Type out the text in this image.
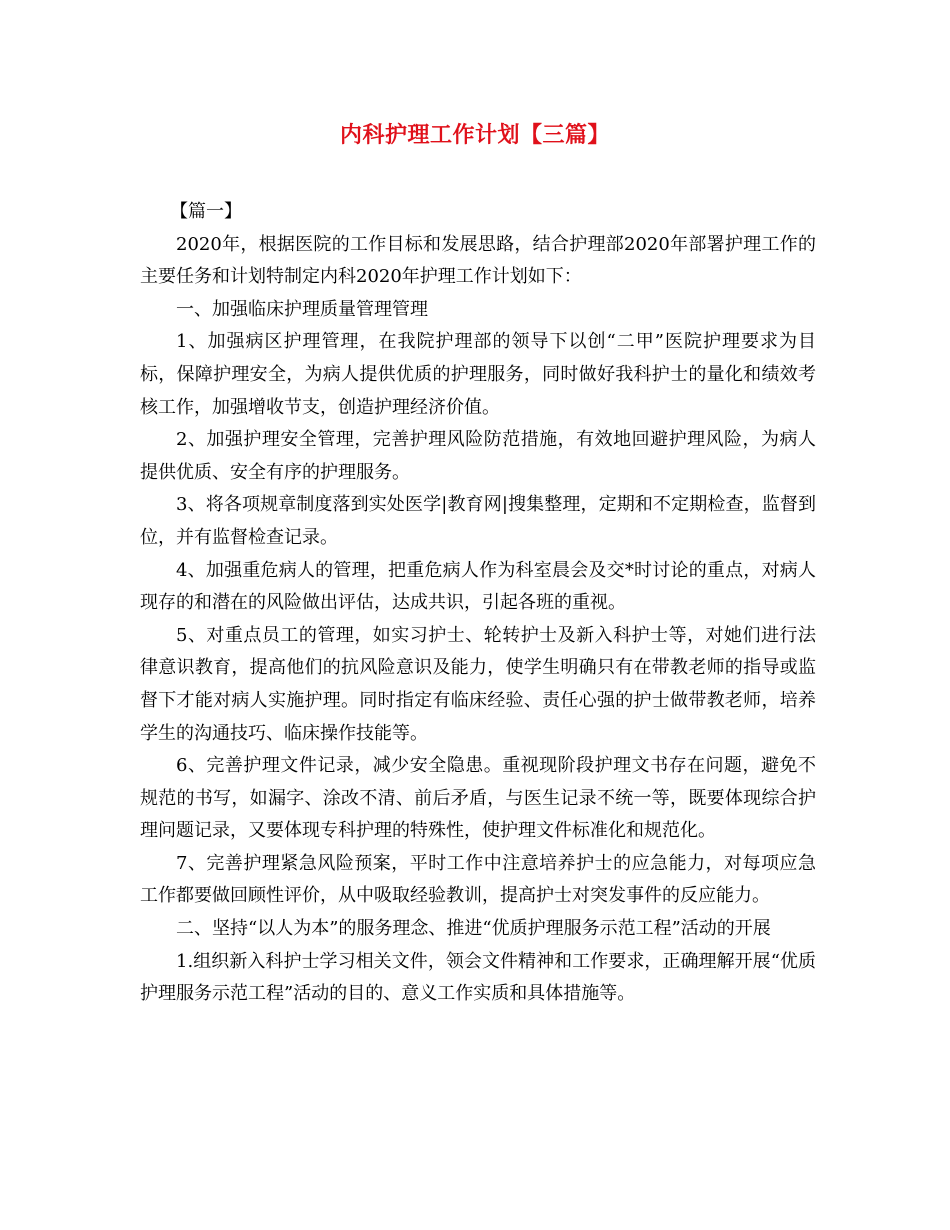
内科护理工作计划【三篇】

【篇一】

2020年，根据医院的工作目标和发展思路，结合护理部2020年部署护理工作的主要任务和计划特制定内科2020年护理工作计划如下：

一、加强临床护理质量管理管理

1、加强病区护理管理，在我院护理部的领导下以创“二甲”医院护理要求为目标，保障护理安全，为病人提供优质的护理服务，同时做好我科护士的量化和绩效考核工作，加强增收节支，创造护理经济价值。

2、加强护理安全管理，完善护理风险防范措施，有效地回避护理风险，为病人提供优质、安全有序的护理服务。

3、将各项规章制度落到实处医学|教育网|搜集整理，定期和不定期检查，监督到位，并有监督检查记录。

4、加强重危病人的管理，把重危病人作为科室晨会及交*时讨论的重点，对病人现存的和潜在的风险做出评估，达成共识，引起各班的重视。

5、对重点员工的管理，如实习护士、轮转护士及新入科护士等，对她们进行法律意识教育，提高他们的抗风险意识及能力，使学生明确只有在带教老师的指导或监督下才能对病人实施护理。同时指定有临床经验、责任心强的护士做带教老师，培养学生的沟通技巧、临床操作技能等。

6、完善护理文件记录，减少安全隐患。重视现阶段护理文书存在问题，避免不规范的书写，如漏字、涂改不清、前后矛盾，与医生记录不统一等，既要体现综合护理问题记录，又要体现专科护理的特殊性，使护理文件标准化和规范化。

7、完善护理紧急风险预案，平时工作中注意培养护士的应急能力，对每项应急工作都要做回顾性评价，从中吸取经验教训，提高护士对突发事件的反应能力。

二、坚持“以人为本”的服务理念、推进“优质护理服务示范工程”活动的开展

1.组织新入科护士学习相关文件，领会文件精神和工作要求，正确理解开展“优质护理服务示范工程”活动的目的、意义工作实质和具体措施等。
